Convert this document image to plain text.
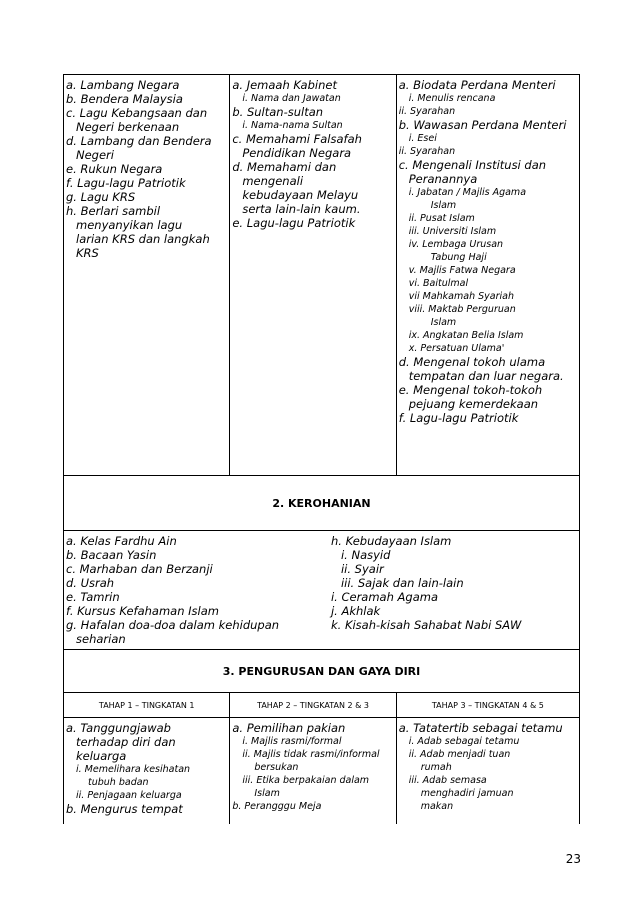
a. Lambang Negara
b. Bendera Malaysia
c. Lagu Kebangsaan dan
Negeri berkenaan
d. Lambang dan Bendera
Negeri
e. Rukun Negara
f. Lagu-lagu Patriotik
g. Lagu KRS
h. Berlari sambil
menyanyikan lagu
larian KRS dan langkah
KRS
a. Jemaah Kabinet
i. Nama dan Jawatan
b. Sultan-sultan
i. Nama-nama Sultan
c. Memahami Falsafah
Pendidikan Negara
d. Memahami dan
mengenali
kebudayaan Melayu
serta lain-lain kaum.
e. Lagu-lagu Patriotik
a. Biodata Perdana Menteri
i. Menulis rencana
ii. Syarahan
b. Wawasan Perdana Menteri
i. Esei
ii. Syarahan
c. Mengenali Institusi dan
Peranannya
i. Jabatan / Majlis Agama
Islam
ii. Pusat Islam
iii. Universiti Islam
iv. Lembaga Urusan
Tabung Haji
v. Majlis Fatwa Negara
vi. Baitulmal
vii Mahkamah Syariah
viii. Maktab Perguruan
Islam
ix. Angkatan Belia Islam
x. Persatuan Ulama'
d. Mengenal tokoh ulama
tempatan dan luar negara.
e. Mengenal tokoh-tokoh
pejuang kemerdekaan
f. Lagu-lagu Patriotik
2. KEROHANIAN
a. Kelas Fardhu Ain
b. Bacaan Yasin
c. Marhaban dan Berzanji
d. Usrah
e. Tamrin
f. Kursus Kefahaman Islam
g. Hafalan doa-doa dalam kehidupan
seharian
h. Kebudayaan Islam
i. Nasyid
ii. Syair
iii. Sajak dan lain-lain
i. Ceramah Agama
j. Akhlak
k. Kisah-kisah Sahabat Nabi SAW
3. PENGURUSAN DAN GAYA DIRI
TAHAP 1 – TINGKATAN 1	TAHAP 2 – TINGKATAN 2 & 3	TAHAP 3 – TINGKATAN 4 & 5
a. Tanggungjawab
terhadap diri dan
keluarga
i. Memelihara kesihatan
tubuh badan
ii. Penjagaan keluarga
b. Mengurus tempat
a. Pemilihan pakian
i. Majlis rasmi/formal
ii. Majlis tidak rasmi/informal
bersukan
iii. Etika berpakaian dalam
Islam
b. Perangggu Meja
a. Tatatertib sebagai tetamu
i. Adab sebagai tetamu
ii. Adab menjadi tuan
rumah
iii. Adab semasa
menghadiri jamuan
makan
23
